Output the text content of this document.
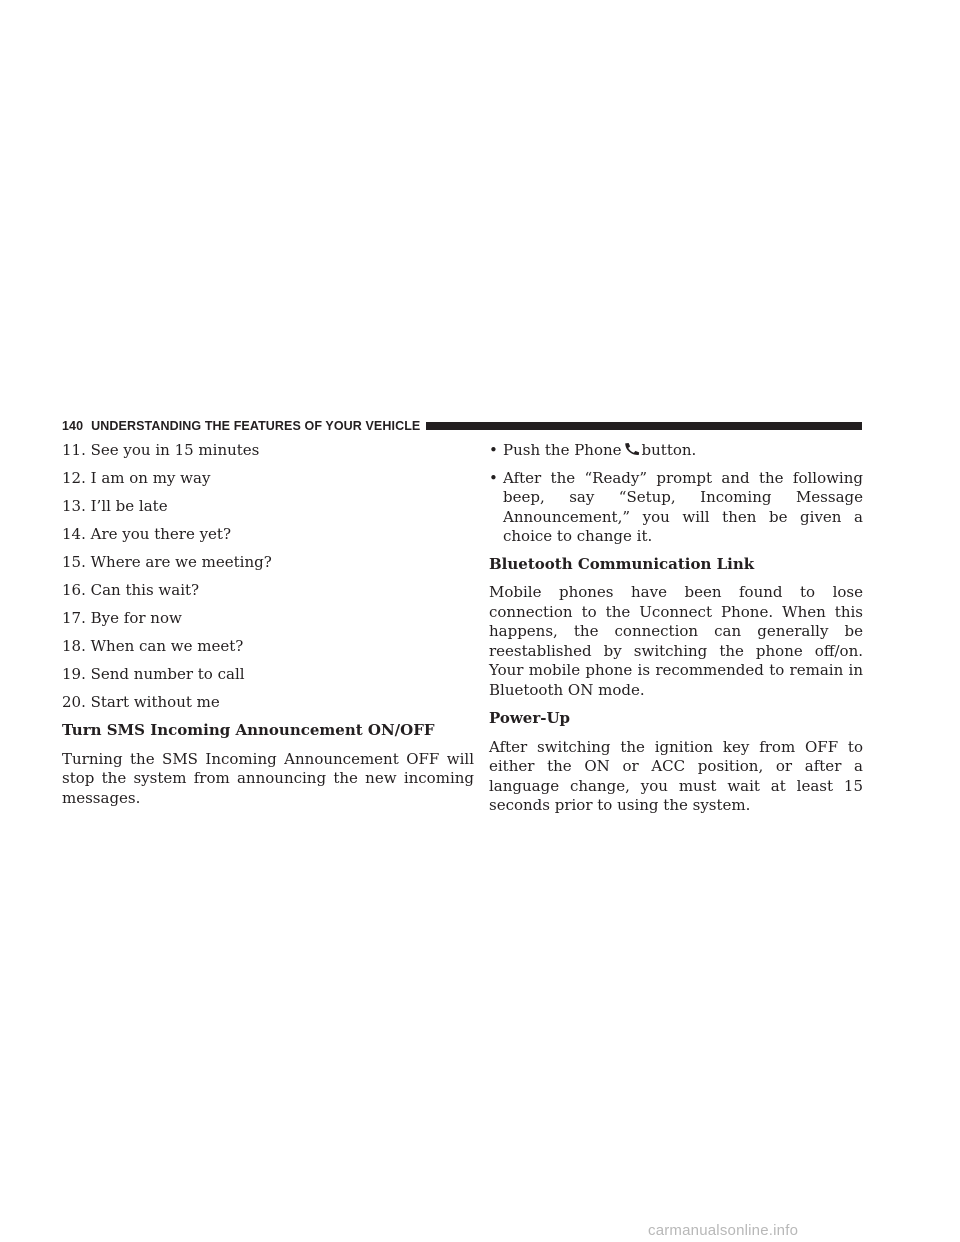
140 UNDERSTANDING THE FEATURES OF YOUR VEHICLE
11. See you in 15 minutes
12. I am on my way
13. I’ll be late
14. Are you there yet?
15. Where are we meeting?
16. Can this wait?
17. Bye for now
18. When can we meet?
19. Send number to call
20. Start without me
Turn SMS Incoming Announcement ON/OFF
Turning the SMS Incoming Announcement OFF will stop the system from announcing the new incoming messages.
• Push the Phone button.
• After the “Ready” prompt and the following beep, say “Setup, Incoming Message Announcement,” you will then be given a choice to change it.
Bluetooth Communication Link
Mobile phones have been found to lose connection to the Uconnect Phone. When this happens, the connection can generally be reestablished by switching the phone off/on. Your mobile phone is recommended to remain in Bluetooth ON mode.
Power-Up
After switching the ignition key from OFF to either the ON or ACC position, or after a language change, you must wait at least 15 seconds prior to using the system.
carmanualsonline.info
